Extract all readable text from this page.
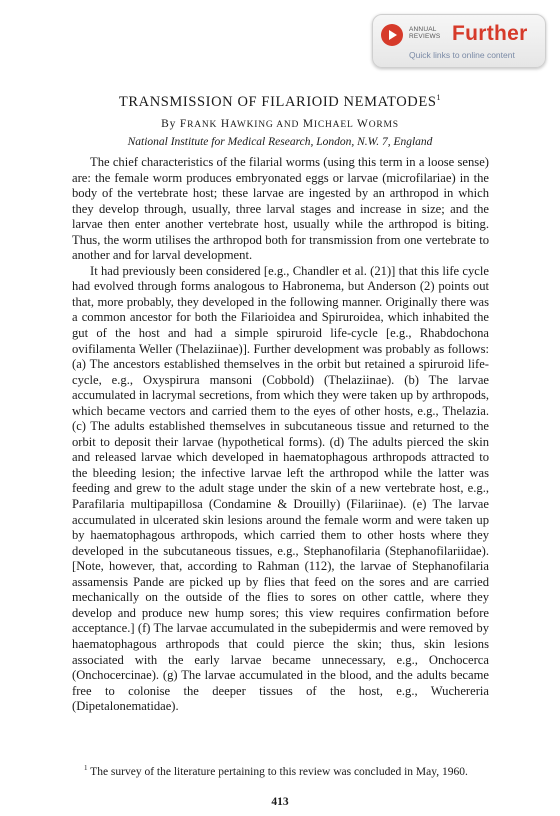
ANNUAL
REVIEWS Further
Quick links to online content
TRANSMISSION OF FILARIOID NEMATODES$^1$
By FRANK HAWKING AND MICHAEL WORMS
National Institute for Medical Research, London, N.W. 7, England

The chief characteristics of the filarial worms (using this term in a loose sense) are: the female worm produces embryonated eggs or larvae (microfilariae) in the body of the vertebrate host; these larvae are ingested by an arthropod in which they develop through, usually, three larval stages and increase in size; and the larvae then enter another vertebrate host, usually while the arthropod is biting. Thus, the worm utilises the arthropod both for transmission from one vertebrate to another and for larval development.

It had previously been considered [e.g., Chandler et al. (21)] that this life cycle had evolved through forms analogous to Habronema, but Anderson (2) points out that, more probably, they developed in the following manner. Originally there was a common ancestor for both the Filarioidea and Spiruroidea, which inhabited the gut of the host and had a simple spiruroid life-cycle [e.g., Rhabdochona ovifilamenta Weller (Thelaziinae)]. Further development was probably as follows: (a) The ancestors established themselves in the orbit but retained a spiruroid life-cycle, e.g., Oxyspirura mansoni (Cobbold) (Thelaziinae). (b) The larvae accumulated in lacrymal secretions, from which they were taken up by arthropods, which became vectors and carried them to the eyes of other hosts, e.g., Thelazia. (c) The adults established themselves in subcutaneous tissue and returned to the orbit to deposit their larvae (hypothetical forms). (d) The adults pierced the skin and released larvae which developed in haematophagous arthropods attracted to the bleeding lesion; the infective larvae left the arthropod while the latter was feeding and grew to the adult stage under the skin of a new vertebrate host, e.g., Parafilaria multipapillosa (Condamine & Drouilly) (Filariinae). (e) The larvae accumulated in ulcerated skin lesions around the female worm and were taken up by haematophagous arthropods, which carried them to other hosts where they developed in the subcutaneous tissues, e.g., Stephanofilaria (Stephanofilariidae). [Note, however, that, according to Rahman (112), the larvae of Stephanofilaria assamensis Pande are picked up by flies that feed on the sores and are carried mechanically on the outside of the flies to sores on other cattle, where they develop and produce new hump sores; this view requires confirmation before acceptance.] (f) The larvae accumulated in the subepidermis and were removed by haematophagous arthropods that could pierce the skin; thus, skin lesions associated with the early larvae became unnecessary, e.g., Onchocerca (Onchocercinae). (g) The larvae accumulated in the blood, and the adults became free to colonise the deeper tissues of the host, e.g., Wuchereria (Dipetalonematidae).

$^1$ The survey of the literature pertaining to this review was concluded in May, 1960.
413
